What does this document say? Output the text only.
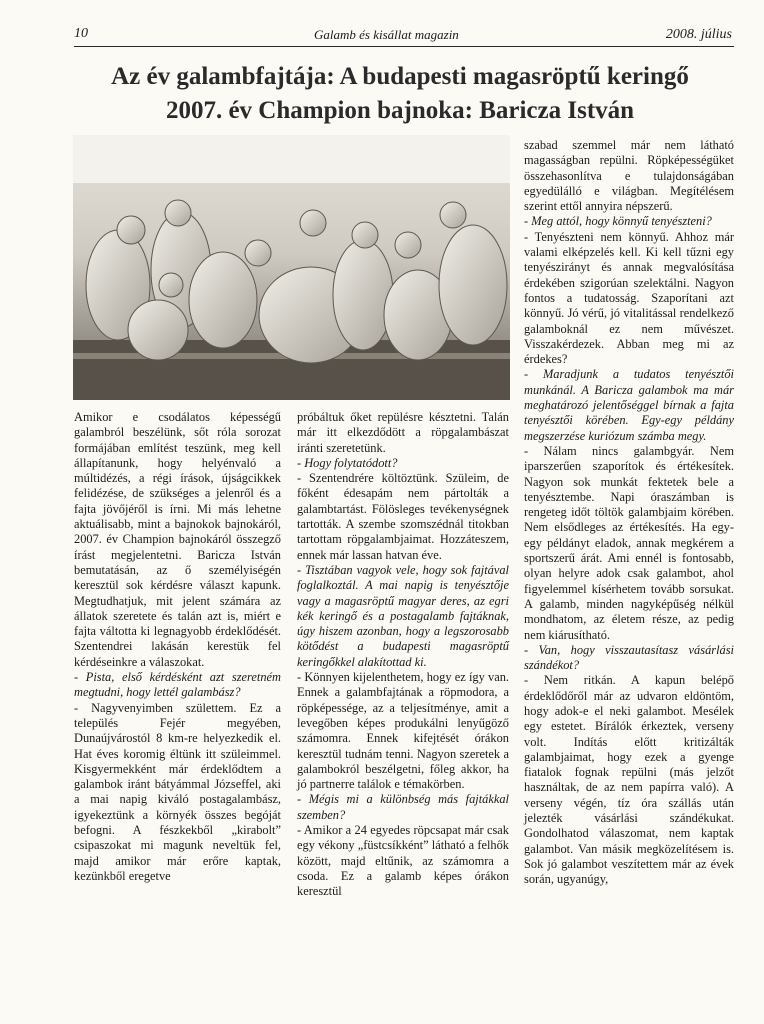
10	Galamb és kisállat magazin	2008. július
Az év galambfajtája: A budapesti magasröptű keringő
2007. év Champion bajnoka: Baricza István

Amikor e csodálatos képességű galambról beszélünk, sőt róla sorozat formájában említést teszünk, meg kell állapítanunk, hogy helyénvaló a múltidézés, a régi írások, újságcikkek felidézése, de szükséges a jelenről és a fajta jövőjéről is írni. Mi más lehetne aktuálisabb, mint a bajnokok bajnokáról, 2007. év Champion bajnokáról összegző írást megjelentetni. Baricza István bemutatásán, az ő személyiségén keresztül sok kérdésre választ kapunk. Megtudhatjuk, mit jelent számára az állatok szeretete és talán azt is, miért e fajta váltotta ki legnagyobb érdeklődését. Szentendrei lakásán kerestük fel kérdéseinkre a válaszokat.

- Pista, első kérdésként azt szeretném megtudni, hogy lettél galambász?

- Nagyvenyimben születtem. Ez a település Fejér megyében, Dunaújvárostól 8 km-re helyezkedik el. Hat éves koromig éltünk itt szüleimmel. Kisgyermekként már érdeklődtem a galambok iránt bátyámmal Józseffel, aki a mai napig kiváló postagalambász, igyekeztünk a környék összes begóját befogni. A fészkekből „kirabolt” csipaszokat mi magunk neveltük fel, majd amikor már erőre kaptak, kezünkből eregetve

próbáltuk őket repülésre késztetni. Talán már itt elkezdődött a röpgalambászat iránti szeretetünk.

- Hogy folytatódott?

- Szentendrére költöztünk. Szüleim, de főként édesapám nem pártolták a galambtartást. Fölösleges tevékenységnek tartották. A szembe szomszédnál titokban tartottam röpgalambjaimat. Hozzáteszem, ennek már lassan hatvan éve.

- Tisztában vagyok vele, hogy sok fajtával foglalkoztál. A mai napig is tenyésztője vagy a magasröptű magyar deres, az egri kék keringő és a postagalamb fajtáknak, úgy hiszem azonban, hogy a legszorosabb kötődést a budapesti magasröptű keringőkkel alakítottad ki.

- Könnyen kijelenthetem, hogy ez így van. Ennek a galambfajtának a röpmodora, a röpképessége, az a teljesítménye, amit a levegőben képes produkálni lenyűgöző számomra. Ennek kifejtését órákon keresztül tudnám tenni. Nagyon szeretek a galambokról beszélgetni, főleg akkor, ha jó partnerre találok e témakörben.

- Mégis mi a különbség más fajtákkal szemben?

- Amikor a 24 egyedes röpcsapat már csak egy vékony „füstcsíkként” látható a felhők között, majd eltűnik, az számomra a csoda. Ez a galamb képes órákon keresztül

szabad szemmel már nem látható magasságban repülni. Röpképességüket összehasonlítva e tulajdonságában egyedülálló e világban. Megítélésem szerint ettől annyira népszerű.

- Meg attól, hogy könnyű tenyészteni?

- Tenyészteni nem könnyű. Ahhoz már valami elképzelés kell. Ki kell tűzni egy tenyészirányt és annak megvalósítása érdekében szigorúan szelektálni. Nagyon fontos a tudatosság. Szaporítani azt könnyű. Jó vérű, jó vitalitással rendelkező galamboknál ez nem művészet. Visszakérdezek. Abban meg mi az érdekes?

- Maradjunk a tudatos tenyésztői munkánál. A Baricza galambok ma már meghatározó jelentőséggel bírnak a fajta tenyésztői körében. Egy-egy példány megszerzése kuriózum számba megy.

- Nálam nincs galambgyár. Nem iparszerűen szaporítok és értékesítek. Nagyon sok munkát fektetek bele a tenyésztembe. Napi óraszámban is rengeteg időt töltök galambjaim körében. Nem elsődleges az értékesítés. Ha egy-egy példányt eladok, annak megkérem a sportszerű árát. Ami ennél is fontosabb, olyan helyre adok csak galambot, ahol figyelemmel kísérhetem tovább sorsukat. A galamb, minden nagyképűség nélkül mondhatom, az életem része, az pedig nem kiárusítható.

- Van, hogy visszautasítasz vásárlási szándékot?

- Nem ritkán. A kapun belépő érdeklődőről már az udvaron eldöntöm, hogy adok-e el neki galambot. Mesélek egy estetet. Bírálók érkeztek, verseny volt. Indítás előtt kritizálták galambjaimat, hogy ezek a gyenge fiatalok fognak repülni (más jelzőt használtak, de az nem papírra való). A verseny végén, tíz óra szállás után jelezték vásárlási szándékukat. Gondolhatod válaszomat, nem kaptak galambot. Van másik megközelítésem is. Sok jó galambot veszítettem már az évek során, ugyanúgy,
